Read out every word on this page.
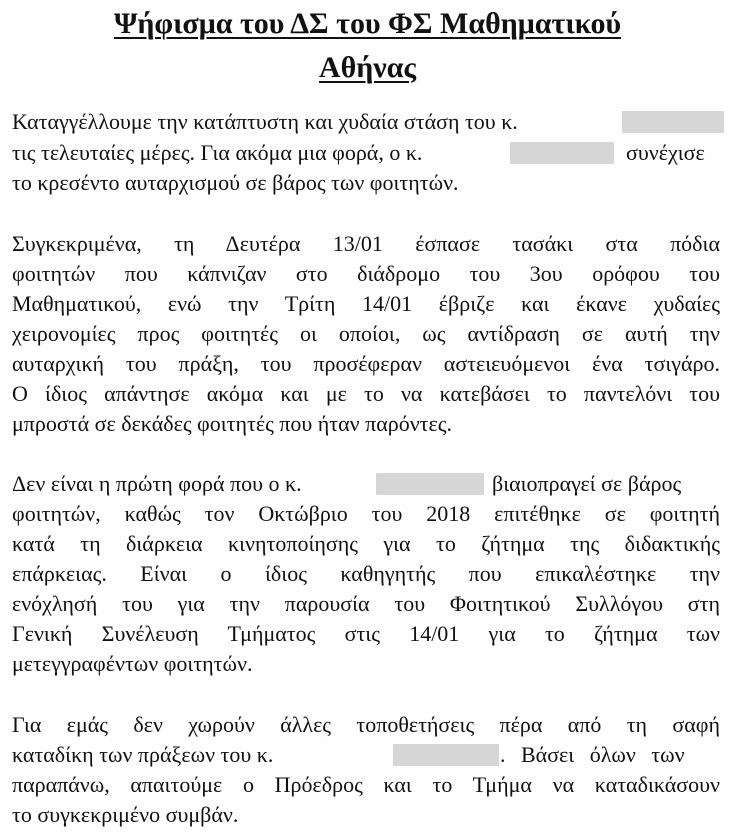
Ψήφισμα του ΔΣ του ΦΣ Μαθηματικού
Αθήνας
Καταγγέλλουμε την κατάπτυστη και χυδαία στάση του κ.
τις τελευταίες μέρες. Για ακόμα μια φορά, ο κ.	συνέχισε
το κρεσέντο αυταρχισμού σε βάρος των φοιτητών.
Συγκεκριμένα, τη Δευτέρα 13/01 έσπασε τασάκι στα πόδια
φοιτητών που κάπνιζαν στο διάδρομο του 3ου ορόφου του
Μαθηματικού, ενώ την Τρίτη 14/01 έβριζε και έκανε χυδαίες
χειρονομίες προς φοιτητές οι οποίοι, ως αντίδραση σε αυτή την
αυταρχική του πράξη, του προσέφεραν αστειευόμενοι ένα τσιγάρο.
Ο ίδιος απάντησε ακόμα και με το να κατεβάσει το παντελόνι του
μπροστά σε δεκάδες φοιτητές που ήταν παρόντες.
Δεν είναι η πρώτη φορά που ο κ.	βιαιοπραγεί σε βάρος
φοιτητών, καθώς τον Οκτώβριο του 2018 επιτέθηκε σε φοιτητή
κατά τη διάρκεια κινητοποίησης για το ζήτημα της διδακτικής
επάρκειας. Είναι ο ίδιος καθηγητής που επικαλέστηκε την
ενόχλησή του για την παρουσία του Φοιτητικού Συλλόγου στη
Γενική Συνέλευση Τμήματος στις 14/01 για το ζήτημα των
μετεγγραφέντων φοιτητών.
Για εμάς δεν χωρούν άλλες τοποθετήσεις πέρα από τη σαφή
καταδίκη των πράξεων του κ.	. Βάσει όλων των
παραπάνω, απαιτούμε ο Πρόεδρος και το Τμήμα να καταδικάσουν
το συγκεκριμένο συμβάν.
